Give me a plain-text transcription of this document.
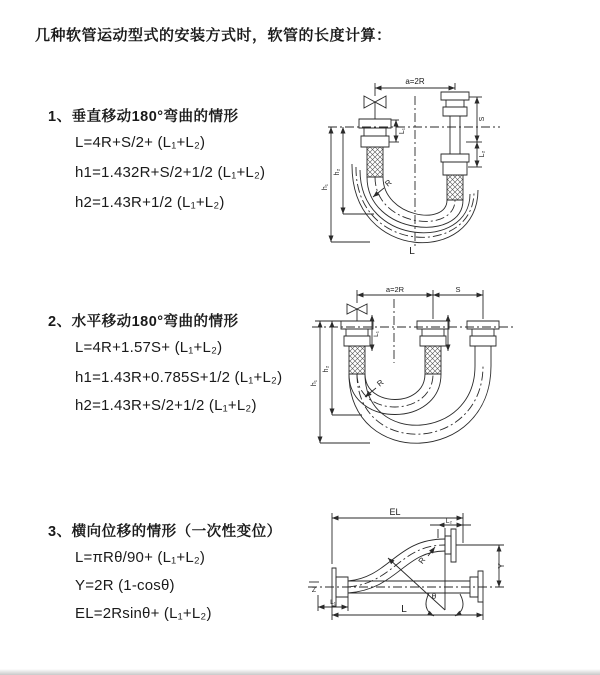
几种软管运动型式的安装方式时，软管的长度计算：
1、垂直移动180°弯曲的情形
L=4R+S/2+ (L₁+L₂)
h1=1.432R+S/2+1/2 (L₁+L₂)
h2=1.43R+1/2 (L₁+L₂)
2、水平移动180°弯曲的情形
L=4R+1.57S+ (L₁+L₂)
h1=1.43R+0.785S+1/2 (L₁+L₂)
h2=1.43R+S/2+1/2 (L₁+L₂)
3、横向位移的情形（一次性变位）
L=πRθ/90+ (L₁+L₂)
Y=2R (1-cosθ)
EL=2Rsinθ+ (L₁+L₂)
a=2R
L₁
h₂
h₁
S
L₂
R
L
a=2R	S
L₁
h₂
h₁	R
Z
EL
L₂
Y
L
L₁
θ
R
